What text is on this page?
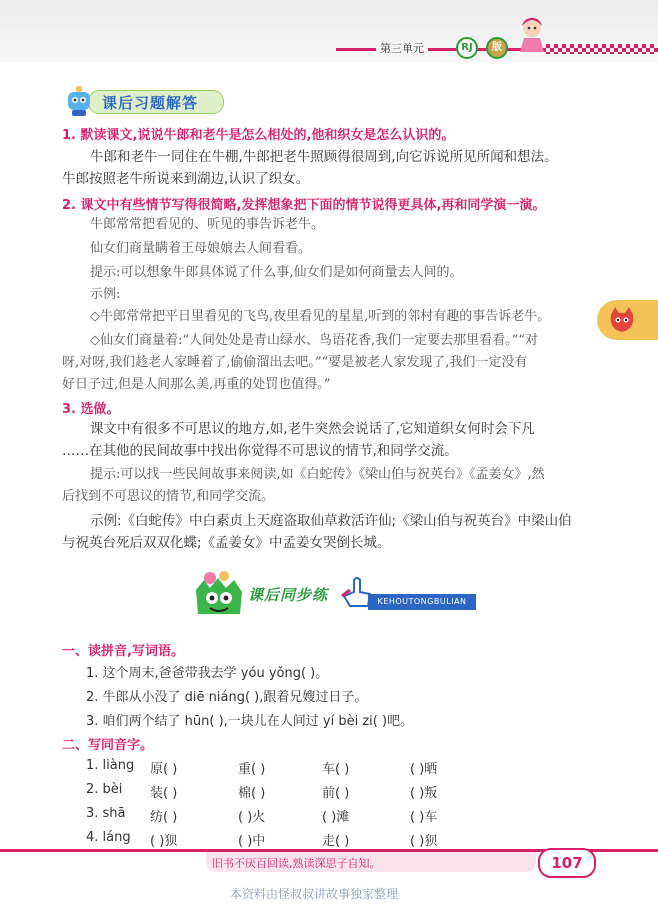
第三单元	RJ	版
课后习题解答
1. 默读课文,说说牛郎和老牛是怎么相处的,他和织女是怎么认识的。
牛郎和老牛一同住在牛棚,牛郎把老牛照顾得很周到,向它诉说所见所闻和想法。
牛郎按照老牛所说来到湖边,认识了织女。
2. 课文中有些情节写得很简略,发挥想象把下面的情节说得更具体,再和同学演一演。
牛郎常常把看见的、听见的事告诉老牛。
仙女们商量瞒着王母娘娘去人间看看。
提示:可以想象牛郎具体说了什么事,仙女们是如何商量去人间的。
示例:
◇牛郎常常把平日里看见的飞鸟,夜里看见的星星,听到的邻村有趣的事告诉老牛。
◇仙女们商量着:“人间处处是青山绿水、鸟语花香,我们一定要去那里看看。”“对
呀,对呀,我们趁老人家睡着了,偷偷溜出去吧。”“要是被老人家发现了,我们一定没有
好日子过,但是人间那么美,再重的处罚也值得。”
3. 选做。
课文中有很多不可思议的地方,如,老牛突然会说话了,它知道织女何时会下凡
……在其他的民间故事中找出你觉得不可思议的情节,和同学交流。
提示:可以找一些民间故事来阅读,如《白蛇传》《梁山伯与祝英台》《孟姜女》,然
后找到不可思议的情节,和同学交流。
示例:《白蛇传》中白素贞上天庭盗取仙草救活许仙;《梁山伯与祝英台》中梁山伯
与祝英台死后双双化蝶;《孟姜女》中孟姜女哭倒长城。
课后同步练	KEHOUTONGBULIAN
一、读拼音,写词语。
1. 这个周末,爸爸带我去学 yóu yǒng( )。
2. 牛郎从小没了 diē niáng( ),跟着兄嫂过日子。
3. 咱们两个结了 hūn( ),一块儿在人间过 yí bèi zi( )吧。
二、写同音字。
1. liàng 原( )	重( )	车( )	( )晒
2. bèi 装( )	棉( )	前( )	( )叛
3. shā 纺( )	( )火	( )滩	( )车
4. láng ( )狈	( )中	走( )	( )狈
旧书不厌百回读,熟读深思子自知。	107
本资料由怪叔叔讲故事独家整理
